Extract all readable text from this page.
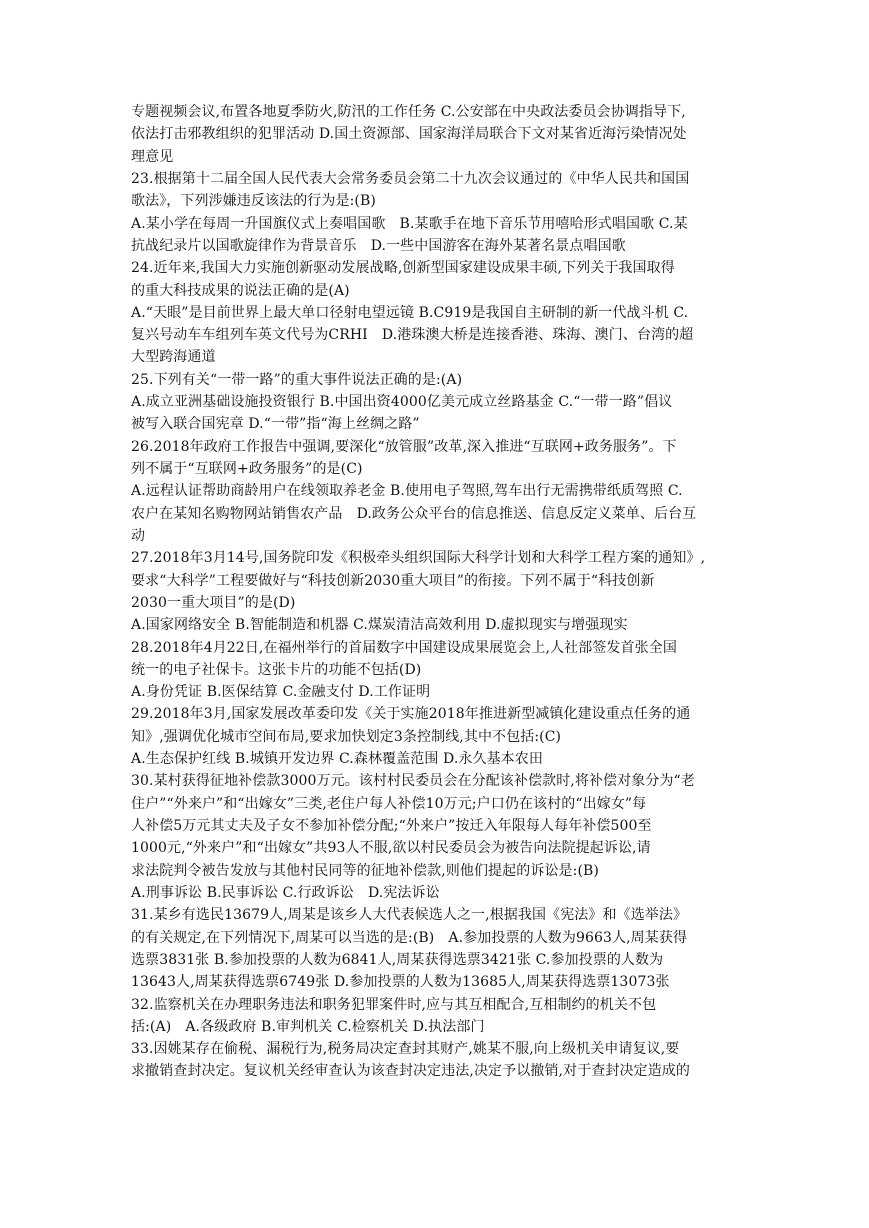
专题视频会议,布置各地夏季防火,防汛的工作任务 C.公安部在中央政法委员会协调指导下,
依法打击邪教组织的犯罪活动 D.国土资源部、国家海洋局联合下文对某省近海污染情况处
理意见
23.根据第十二届全国人民代表大会常务委员会第二十九次会议通过的《中华人民共和国国
歌法》，下列涉嫌违反该法的行为是:(B)
A.某小学在每周一升国旗仪式上奏唱国歌　B.某歌手在地下音乐节用嘻哈形式唱国歌 C.某
抗战纪录片以国歌旋律作为背景音乐　D.一些中国游客在海外某著名景点唱国歌
24.近年来,我国大力实施创新驱动发展战略,创新型国家建设成果丰硕,下列关于我国取得
的重大科技成果的说法正确的是(A)
A.“天眼”是目前世界上最大单口径射电望远镜 B.C919是我国自主研制的新一代战斗机 C.
复兴号动车车组列车英文代号为CRHI　D.港珠澳大桥是连接香港、珠海、澳门、台湾的超
大型跨海通道
25.下列有关“一带一路”的重大事件说法正确的是:(A)
A.成立亚洲基础设施投资银行 B.中国出资4000亿美元成立丝路基金 C.“一带一路”倡议
被写入联合国宪章 D.“一带”指“海上丝绸之路”
26.2018年政府工作报告中强调,要深化“放管服”改革,深入推进“互联网+政务服务”。下
列不属于“互联网+政务服务”的是(C)
A.远程认证帮助商龄用户在线领取养老金 B.使用电子驾照,驾车出行无需携带纸质驾照 C.
农户在某知名购物网站销售农产品　D.政务公众平台的信息推送、信息反定义菜单、后台互
动
27.2018年3月14号,国务院印发《积极牵头组织国际大科学计划和大科学工程方案的通知》,
要求“大科学”工程要做好与“科技创新2030重大项目”的衔接。下列不属于“科技创新
2030一重大项目”的是(D)
A.国家网络安全 B.智能制造和机器 C.煤炭清洁高效利用 D.虚拟现实与增强现实
28.2018年4月22日,在福州举行的首届数字中国建设成果展览会上,人社部签发首张全国
统一的电子社保卡。这张卡片的功能不包括(D)
A.身份凭证 B.医保结算 C.金融支付 D.工作证明
29.2018年3月,国家发展改革委印发《关于实施2018年推进新型减镇化建设重点任务的通
知》,强调优化城市空间布局,要求加快划定3条控制线,其中不包括:(C)
A.生态保护红线 B.城镇开发边界 C.森林覆盖范围 D.永久基本农田
30.某村获得征地补偿款3000万元。该村村民委员会在分配该补偿款时,将补偿对象分为“老
住户”“外来户”和“出嫁女”三类,老住户每人补偿10万元;户口仍在该村的“出嫁女”每
人补偿5万元其丈夫及子女不参加补偿分配;“外来户”按迁入年限每人每年补偿500至
1000元,“外来户”和“出嫁女”共93人不服,欲以村民委员会为被告向法院提起诉讼,请
求法院判令被告发放与其他村民同等的征地补偿款,则他们提起的诉讼是:(B)
A.刑事诉讼 B.民事诉讼 C.行政诉讼　D.宪法诉讼
31.某乡有选民13679人,周某是该乡人大代表候选人之一,根据我国《宪法》和《选举法》
的有关规定,在下列情况下,周某可以当选的是:(B)　A.参加投票的人数为9663人,周某获得
选票3831张 B.参加投票的人数为6841人,周某获得选票3421张 C.参加投票的人数为
13643人,周某获得选票6749张 D.参加投票的人数为13685人,周某获得选票13073张
32.监察机关在办理职务违法和职务犯罪案件时,应与其互相配合,互相制约的机关不包
括:(A)　A.各级政府 B.审判机关 C.检察机关 D.执法部门
33.因姚某存在偷税、漏税行为,税务局决定查封其财产,姚某不服,向上级机关申请复议,要
求撤销查封决定。复议机关经审查认为该查封决定违法,决定予以撤销,对于查封决定造成的
